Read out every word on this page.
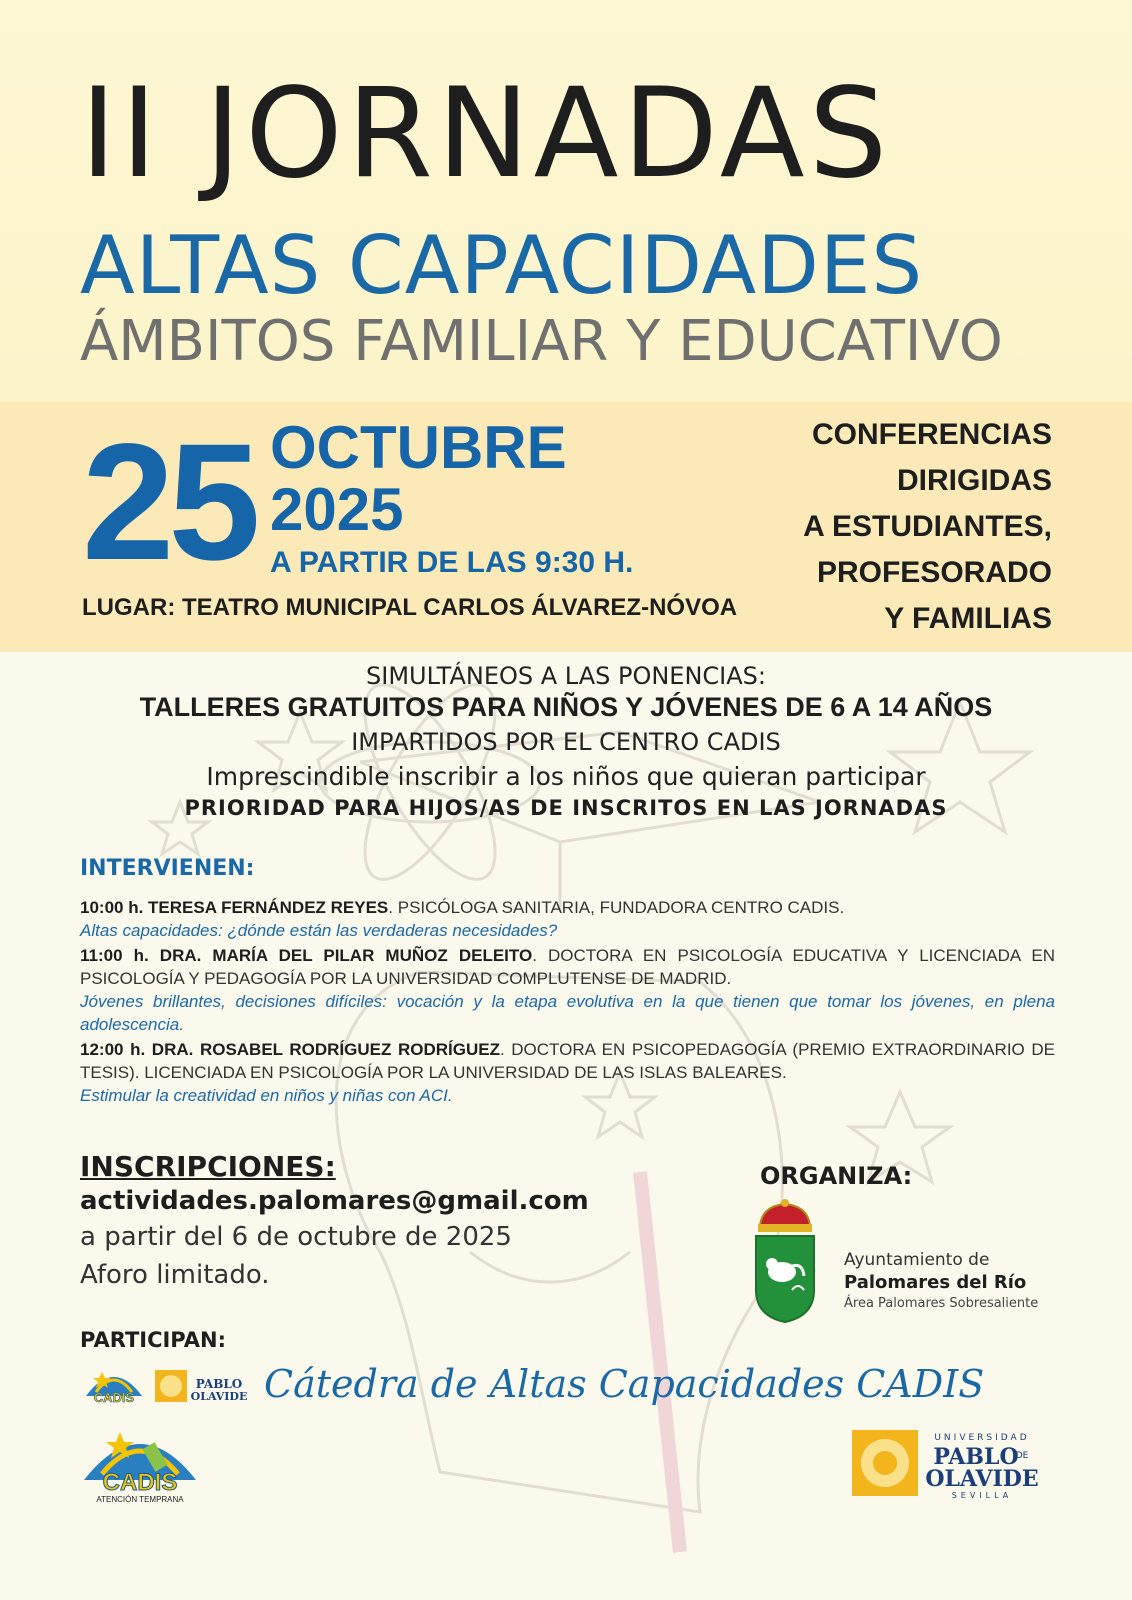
II JORNADAS
ALTAS CAPACIDADES
ÁMBITOS FAMILIAR Y EDUCATIVO
25 OCTUBRE
2025
A PARTIR DE LAS 9:30 H.
LUGAR: TEATRO MUNICIPAL CARLOS ÁLVAREZ-NÓVOA
CONFERENCIAS
DIRIGIDAS
A ESTUDIANTES,
PROFESORADO
Y FAMILIAS
SIMULTÁNEOS A LAS PONENCIAS:
TALLERES GRATUITOS PARA NIÑOS Y JÓVENES DE 6 A 14 AÑOS
IMPARTIDOS POR EL CENTRO CADIS
Imprescindible inscribir a los niños que quieran participar
PRIORIDAD PARA HIJOS/AS DE INSCRITOS EN LAS JORNADAS
INTERVIENEN:

10:00 h. TERESA FERNÁNDEZ REYES. PSICÓLOGA SANITARIA, FUNDADORA CENTRO CADIS.

Altas capacidades: ¿dónde están las verdaderas necesidades?

11:00 h. DRA. MARÍA DEL PILAR MUÑOZ DELEITO. DOCTORA EN PSICOLOGÍA EDUCATIVA Y LICENCIADA EN PSICOLOGÍA Y PEDAGOGÍA POR LA UNIVERSIDAD COMPLUTENSE DE MADRID.

Jóvenes brillantes, decisiones difíciles: vocación y la etapa evolutiva en la que tienen que tomar los jóvenes, en plena adolescencia.

12:00 h. DRA. ROSABEL RODRÍGUEZ RODRÍGUEZ. DOCTORA EN PSICOPEDAGOGÍA (PREMIO EXTRAORDINARIO DE TESIS). LICENCIADA EN PSICOLOGÍA POR LA UNIVERSIDAD DE LAS ISLAS BALEARES.

Estimular la creatividad en niños y niñas con ACI.

INSCRIPCIONES:
actividades.palomares@gmail.com
a partir del 6 de octubre de 2025
Aforo limitado.
ORGANIZA:
Ayuntamiento de
Palomares del Río
Área Palomares Sobresaliente
PARTICIPAN:
CADIS
PABLO
OLAVIDE Cátedra de Altas Capacidades CADIS
CADIS
ATENCIÓN TEMPRANA
UNIVERSIDAD
PABLO
DE
OLAVIDE
SEVILLA
